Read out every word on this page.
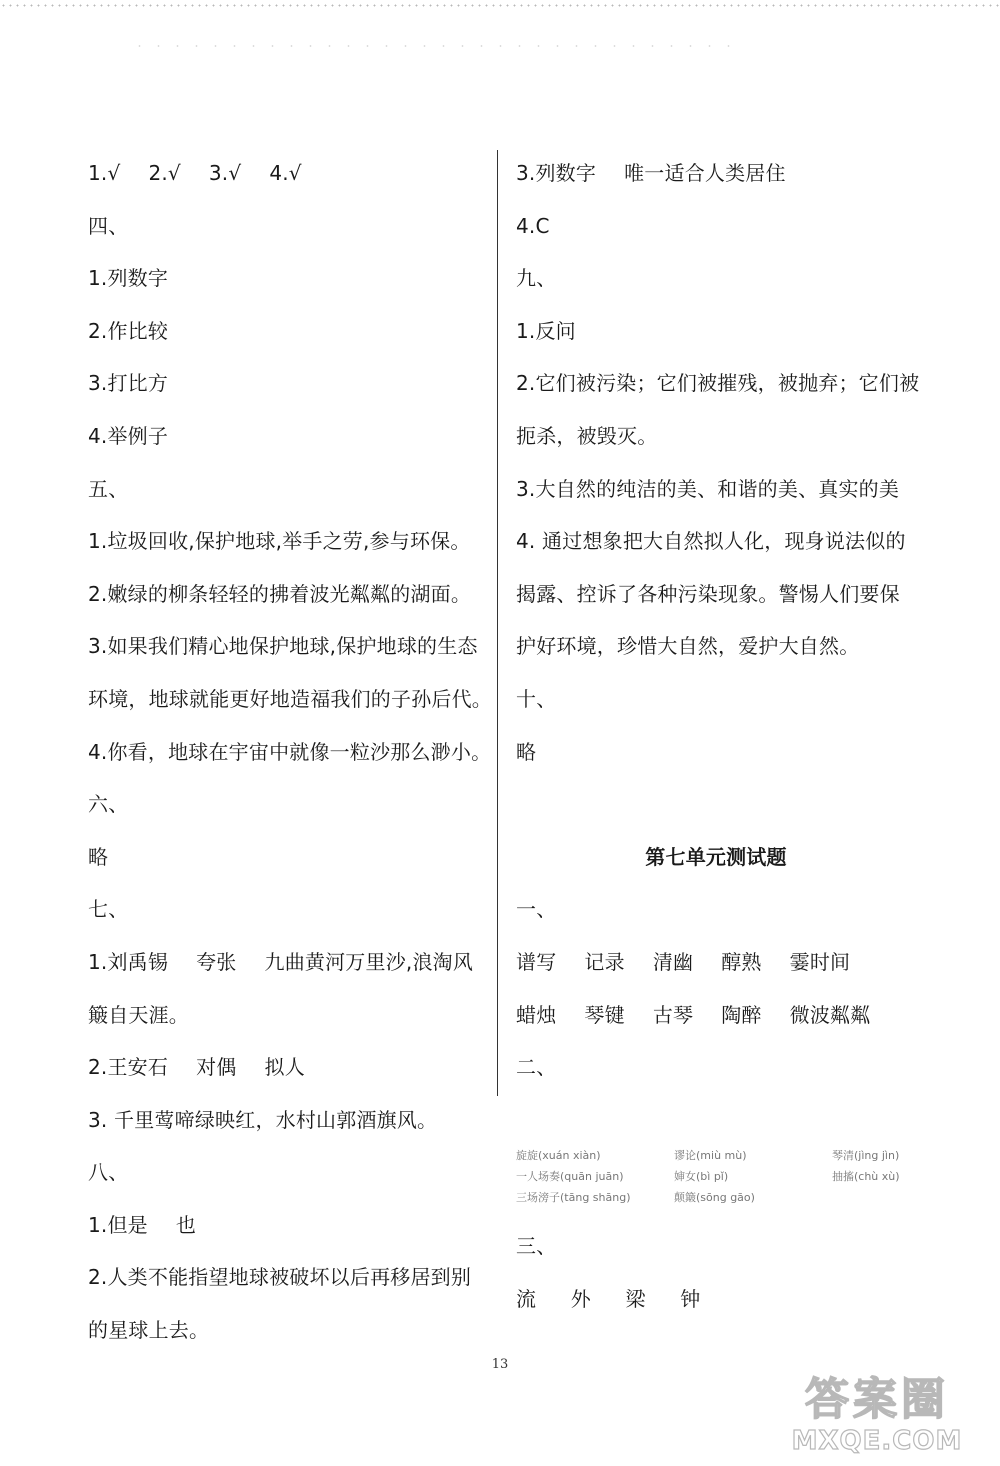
1.√ 2.√ 3.√ 4.√
四、
1.列数字
2.作比较
3.打比方
4.举例子
五、
1.垃圾回收,保护地球,举手之劳,参与环保。
2.嫩绿的柳条轻轻的拂着波光粼粼的湖面。
3.如果我们精心地保护地球,保护地球的生态
环境，地球就能更好地造福我们的子孙后代。
4.你看，地球在宇宙中就像一粒沙那么渺小。
六、
略
七、
1.刘禹锡 夸张 九曲黄河万里沙,浪淘风
簸自天涯。
2.王安石 对偶 拟人
3. 千里莺啼绿映红，水村山郭酒旗风。
八、
1.但是 也
2.人类不能指望地球被破坏以后再移居到别
的星球上去。
3.列数字 唯一适合人类居住
4.C
九、
1.反问
2.它们被污染；它们被摧残，被抛弃；它们被
扼杀，被毁灭。
3.大自然的纯洁的美、和谐的美、真实的美
4. 通过想象把大自然拟人化，现身说法似的
揭露、控诉了各种污染现象。警惕人们要保
护好环境，珍惜大自然，爱护大自然。
十、
略
第七单元测试题
一、
谱写 记录 清幽 醇熟 霎时间
蜡烛 琴键 古琴 陶醉 微波粼粼
二、
旋旋(xuán xiàn)	谬论(miù mù)	琴清(jìng jìn)
一人场奏(quān juān)	婶女(bì pǐ)	抽搐(chù xù)
三场滂子(tāng shāng)	颠簸(sōng gāo)
三、
流 外 梁 钟
13
答案圈
MXQE.COM
